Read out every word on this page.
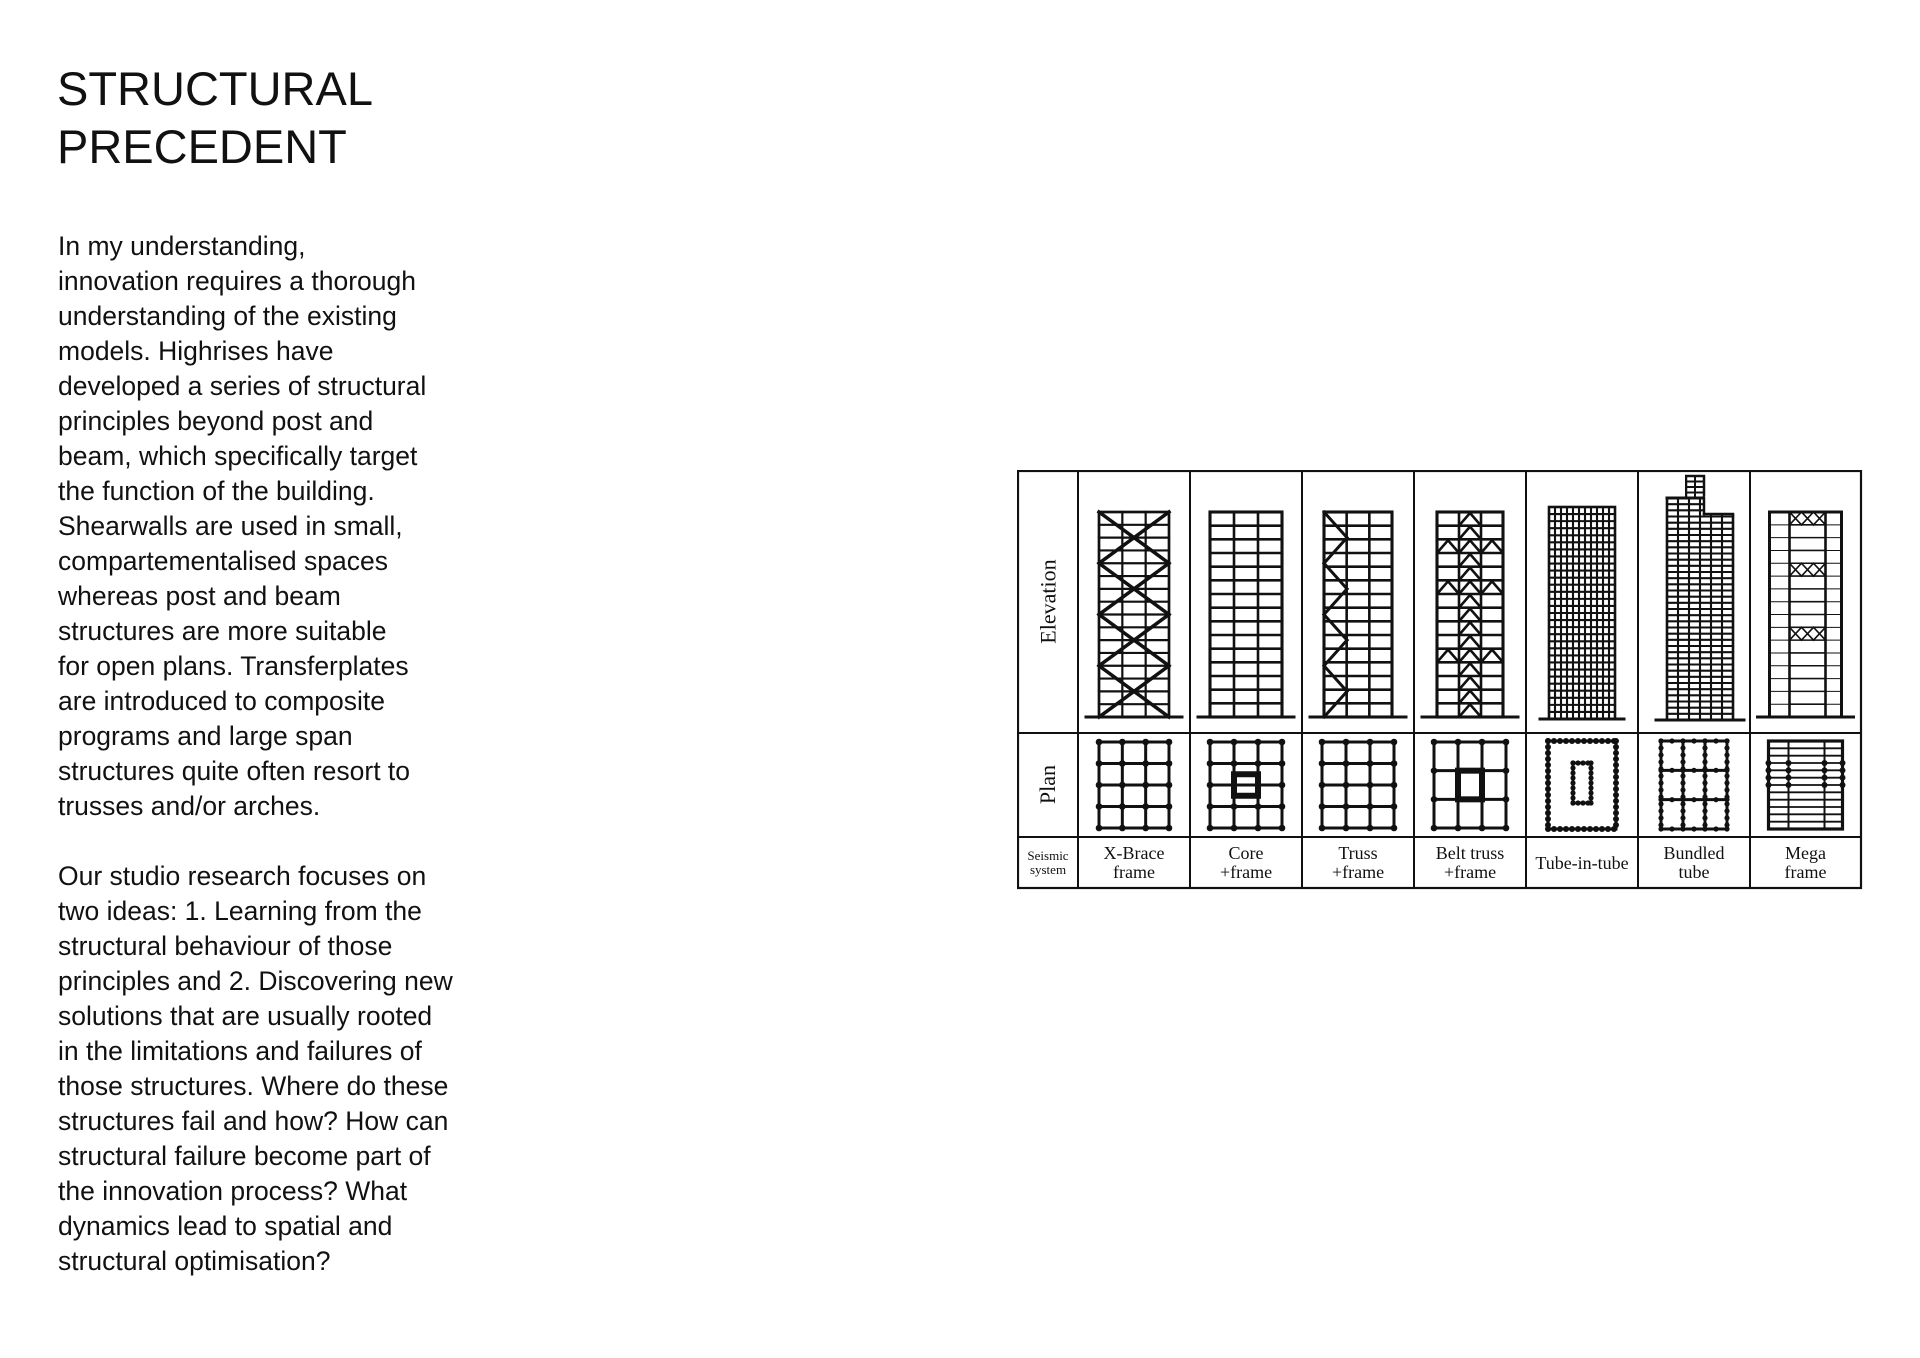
STRUCTURAL
PRECEDENT

In my understanding,
innovation requires a thorough
understanding of the existing
models. Highrises have
developed a series of structural
principles beyond post and
beam, which specifically target
the function of the building.
Shearwalls are used in small,
compartementalised spaces
whereas post and beam
structures are more suitable
for open plans. Transferplates
are introduced to composite
programs and large span
structures quite often resort to
trusses and/or arches.

Our studio research focuses on
two ideas: 1. Learning from the
structural behaviour of those
principles and 2. Discovering new
solutions that are usually rooted
in the limitations and failures of
those structures. Where do these
structures fail and how? How can
structural failure become part of
the innovation process? What
dynamics lead to spatial and
structural optimisation?

Elevation
Plan
Seismic
system
X-Brace
frame
Core
+frame
Truss
+frame
Belt truss
+frame Tube-in-tube Bundled
tube
Mega
frame
